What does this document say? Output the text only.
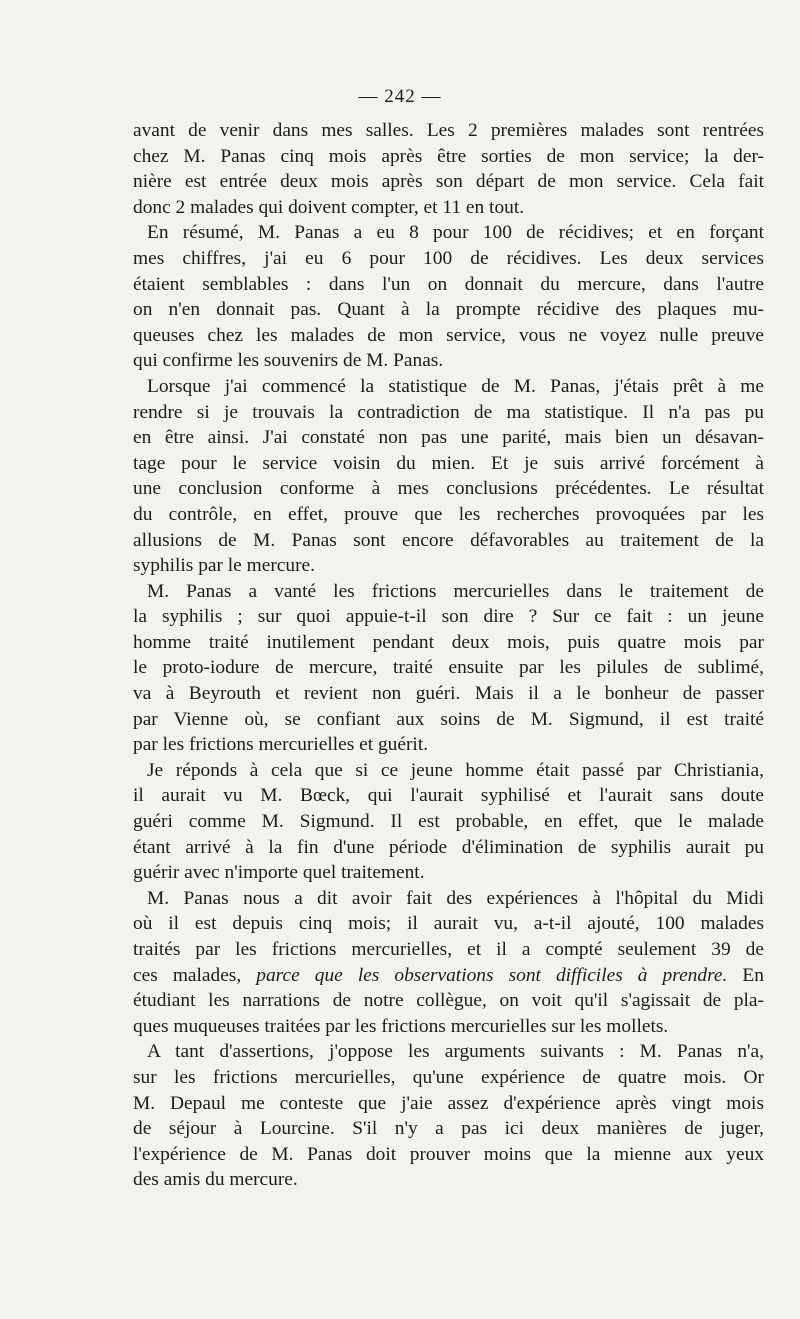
— 242 —
avant de venir dans mes salles. Les 2 premières malades sont rentrées
chez M. Panas cinq mois après être sorties de mon service; la der-
nière est entrée deux mois après son départ de mon service. Cela fait
donc 2 malades qui doivent compter, et 11 en tout.
En résumé, M. Panas a eu 8 pour 100 de récidives; et en forçant
mes chiffres, j'ai eu 6 pour 100 de récidives. Les deux services
étaient semblables : dans l'un on donnait du mercure, dans l'autre
on n'en donnait pas. Quant à la prompte récidive des plaques mu-
queuses chez les malades de mon service, vous ne voyez nulle preuve
qui confirme les souvenirs de M. Panas.
Lorsque j'ai commencé la statistique de M. Panas, j'étais prêt à me
rendre si je trouvais la contradiction de ma statistique. Il n'a pas pu
en être ainsi. J'ai constaté non pas une parité, mais bien un désavan-
tage pour le service voisin du mien. Et je suis arrivé forcément à
une conclusion conforme à mes conclusions précédentes. Le résultat
du contrôle, en effet, prouve que les recherches provoquées par les
allusions de M. Panas sont encore défavorables au traitement de la
syphilis par le mercure.
M. Panas a vanté les frictions mercurielles dans le traitement de
la syphilis ; sur quoi appuie-t-il son dire ? Sur ce fait : un jeune
homme traité inutilement pendant deux mois, puis quatre mois par
le proto-iodure de mercure, traité ensuite par les pilules de sublimé,
va à Beyrouth et revient non guéri. Mais il a le bonheur de passer
par Vienne où, se confiant aux soins de M. Sigmund, il est traité
par les frictions mercurielles et guérit.
Je réponds à cela que si ce jeune homme était passé par Christiania,
il aurait vu M. Bœck, qui l'aurait syphilisé et l'aurait sans doute
guéri comme M. Sigmund. Il est probable, en effet, que le malade
étant arrivé à la fin d'une période d'élimination de syphilis aurait pu
guérir avec n'importe quel traitement.
M. Panas nous a dit avoir fait des expériences à l'hôpital du Midi
où il est depuis cinq mois; il aurait vu, a-t-il ajouté, 100 malades
traités par les frictions mercurielles, et il a compté seulement 39 de
ces malades, parce que les observations sont difficiles à prendre. En
étudiant les narrations de notre collègue, on voit qu'il s'agissait de pla-
ques muqueuses traitées par les frictions mercurielles sur les mollets.
A tant d'assertions, j'oppose les arguments suivants : M. Panas n'a,
sur les frictions mercurielles, qu'une expérience de quatre mois. Or
M. Depaul me conteste que j'aie assez d'expérience après vingt mois
de séjour à Lourcine. S'il n'y a pas ici deux manières de juger,
l'expérience de M. Panas doit prouver moins que la mienne aux yeux
des amis du mercure.
